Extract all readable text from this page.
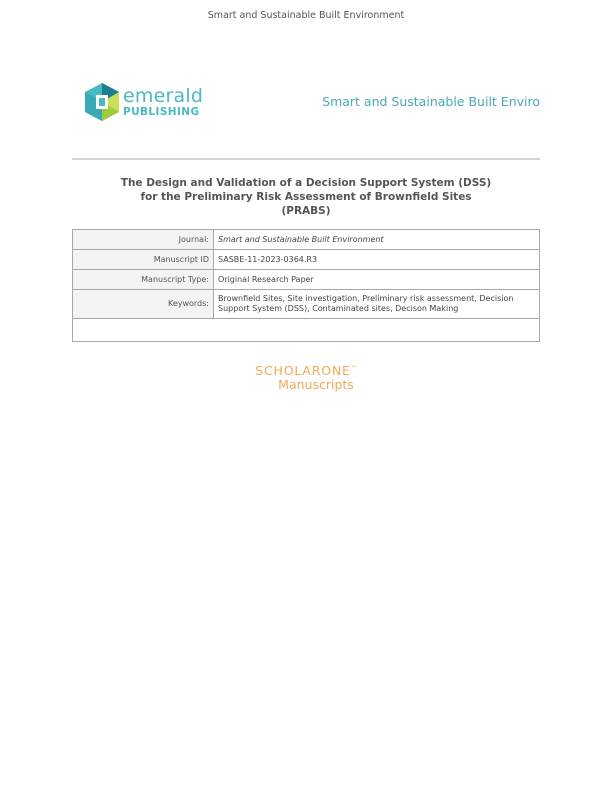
Smart and Sustainable Built Environment
emerald
PUBLISHING
Smart and Sustainable Built Enviro
The Design and Validation of a Decision Support System (DSS) for the Preliminary Risk Assessment of Brownfield Sites (PRABS)
Journal:	Smart and Sustainable Built Environment
Manuscript ID	SASBE-11-2023-0364.R3
Manuscript Type:	Original Research Paper
Keywords:	Brownfield Sites, Site investigation, Preliminary risk assessment, Decision Support System (DSS), Contaminated sites, Decison Making

SCHOLARONE™
Manuscripts
